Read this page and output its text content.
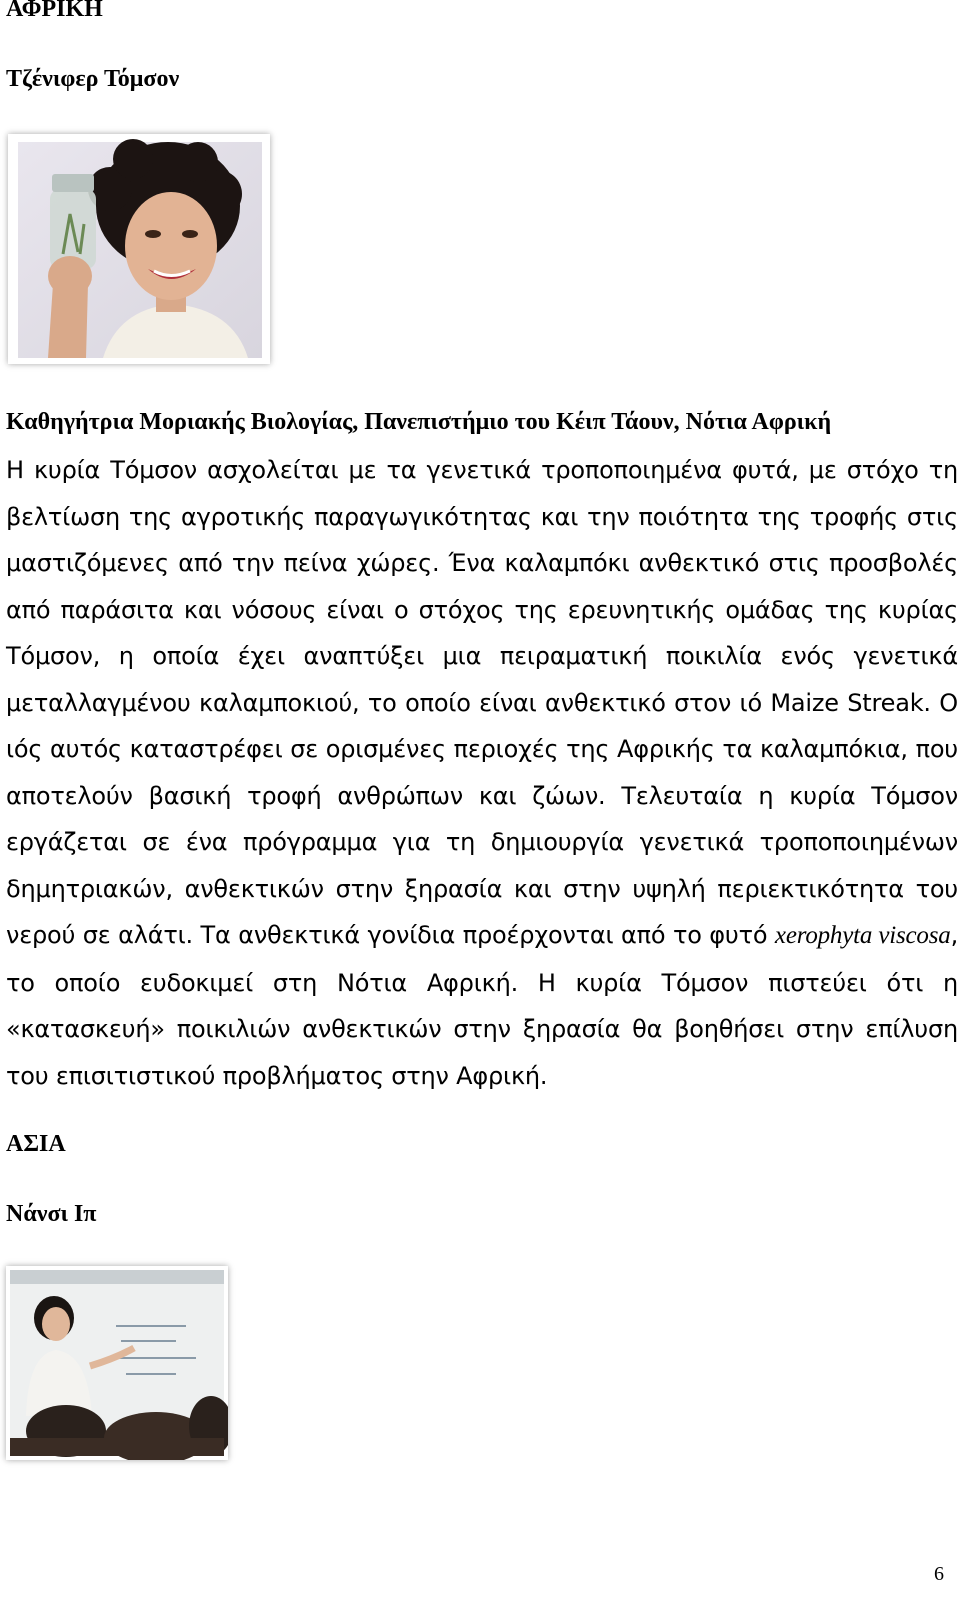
ΑΦΡΙΚΗ
Τζένιφερ Τόμσον
Καθηγήτρια Μοριακής Βιολογίας, Πανεπιστήμιο του Κέιπ Τάουν, Νότια Αφρική

Η κυρία Τόμσον ασχολείται με τα γενετικά τροποποιημένα φυτά, με στόχο τη βελτίωση της αγροτικής παραγωγικότητας και την ποιότητα της τροφής στις μαστιζόμενες από την πείνα χώρες. Ένα καλαμπόκι ανθεκτικό στις προσβολές από παράσιτα και νόσους είναι ο στόχος της ερευνητικής ομάδας της κυρίας Τόμσον, η οποία έχει αναπτύξει μια πειραματική ποικιλία ενός γενετικά μεταλλαγμένου καλαμποκιού, το οποίο είναι ανθεκτικό στον ιό Maize Streak. Ο ιός αυτός καταστρέφει σε ορισμένες περιοχές της Αφρικής τα καλαμπόκια, που αποτελούν βασική τροφή ανθρώπων και ζώων. Τελευταία η κυρία Τόμσον εργάζεται σε ένα πρόγραμμα για τη δημιουργία γενετικά τροποποιημένων δημητριακών, ανθεκτικών στην ξηρασία και στην υψηλή περιεκτικότητα του νερού σε αλάτι. Τα ανθεκτικά γονίδια προέρχονται από το φυτό xerophyta viscosa, το οποίο ευδοκιμεί στη Νότια Αφρική. Η κυρία Τόμσον πιστεύει ότι η «κατασκευή» ποικιλιών ανθεκτικών στην ξηρασία θα βοηθήσει στην επίλυση του επισιτιστικού προβλήματος στην Αφρική.

ΑΣΙΑ
Νάνσι Ιπ
6
